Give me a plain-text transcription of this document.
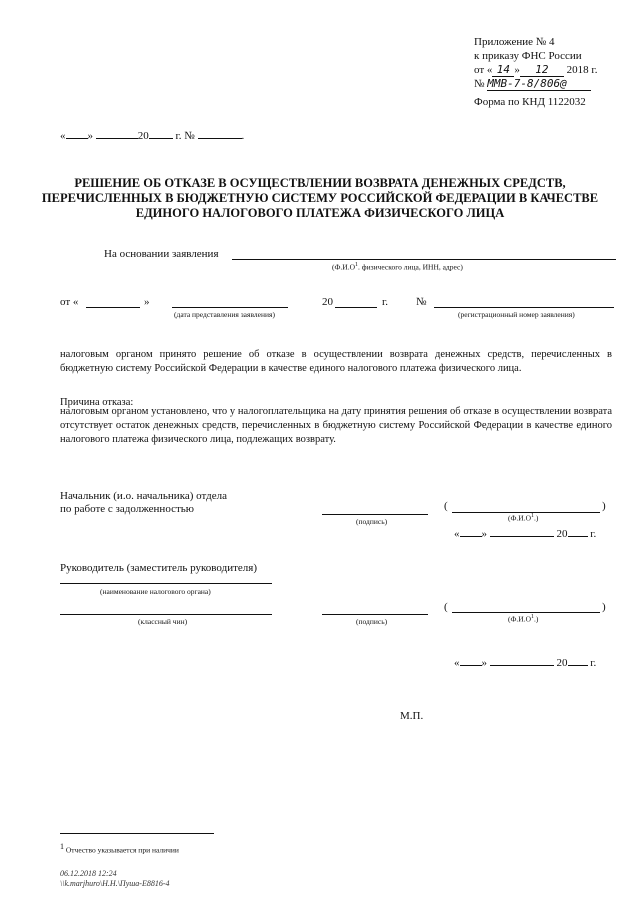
Приложение № 4
к приказу ФНС России
от « 14 » 12 2018 г.
№ ММВ-7-8/806@
Форма по КНД 1122032
« »	20 г. №	.
РЕШЕНИЕ ОБ ОТКАЗЕ В ОСУЩЕСТВЛЕНИИ ВОЗВРАТА ДЕНЕЖНЫХ СРЕДСТВ, ПЕРЕЧИСЛЕННЫХ В БЮДЖЕТНУЮ СИСТЕМУ РОССИЙСКОЙ ФЕДЕРАЦИИ В КАЧЕСТВЕ ЕДИНОГО НАЛОГОВОГО ПЛАТЕЖА ФИЗИЧЕСКОГО ЛИЦА
На основании заявления
($Ф.И.О^1$. физического лица, ИНН, адрес)
от «	»
(дата представления заявления)
20	г.	№
(регистрационный номер заявления)
налоговым органом принято решение об отказе в осуществлении возврата денежных средств, перечисленных в бюджетную систему Российской Федерации в качестве единого налогового платежа физического лица.
Причина отказа:
налоговым органом установлено, что у налогоплательщика на дату принятия решения об отказе в осуществлении возврата отсутствует остаток денежных средств, перечисленных в бюджетную систему Российской Федерации в качестве единого налогового платежа физического лица, подлежащих возврату.
Начальник (и.о. начальника) отдела
по работе с задолженностью
(подпись)
(	)
$(Ф.И.О^1.)$
« »	20 г.
Руководитель (заместитель руководителя)
(наименование налогового органа)
(классный чин)	(подпись)
(	)
$(Ф.И.О^1.)$
« »	20 г.
М.П.
$^1$ Отчество указывается при наличии
06.12.2018 12:24
\\k.marjhuro\H.H.\Пуша-Е8816-4
